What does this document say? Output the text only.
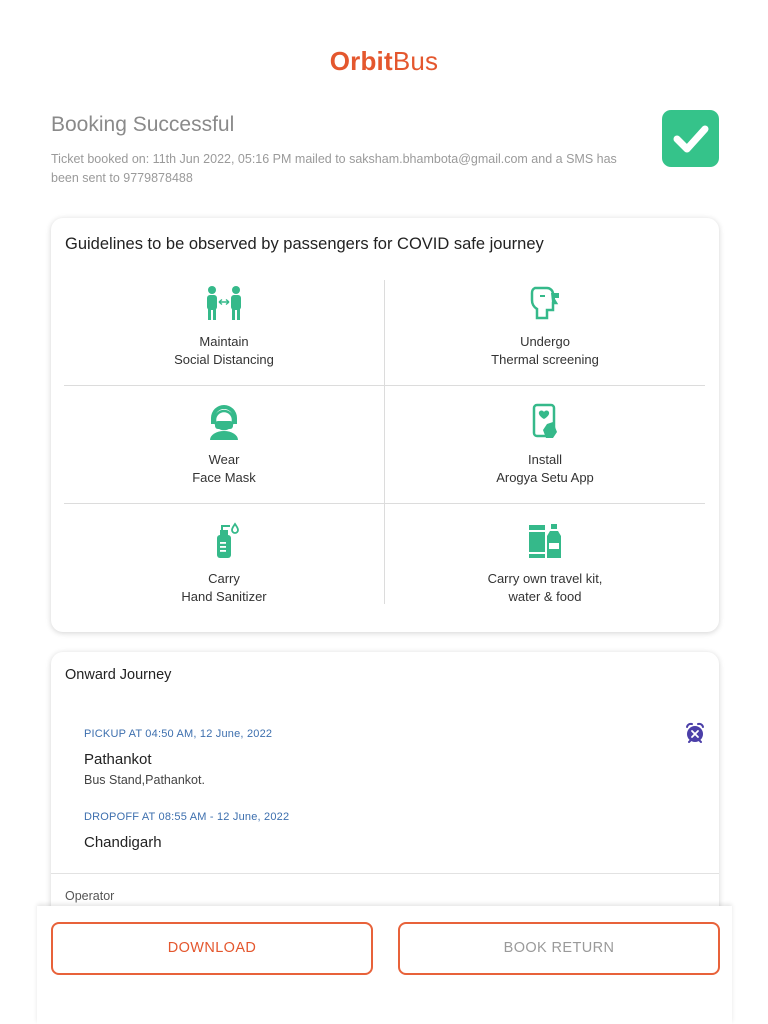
OrbitBus
Booking Successful
Ticket booked on: 11th Jun 2022, 05:16 PM mailed to saksham.bhambota@gmail.com and a SMS has been sent to 9779878488
Guidelines to be observed by passengers for COVID safe journey
Maintain
Social Distancing
Undergo
Thermal screening
Wear
Face Mask
Install
Arogya Setu App
Carry
Hand Sanitizer
Carry own travel kit,
water & food
Onward Journey
PICKUP AT 04:50 AM, 12 June, 2022
Pathankot
Bus Stand,Pathankot.
DROPOFF AT 08:55 AM - 12 June, 2022
Chandigarh
Operator
DOWNLOAD	BOOK RETURN
